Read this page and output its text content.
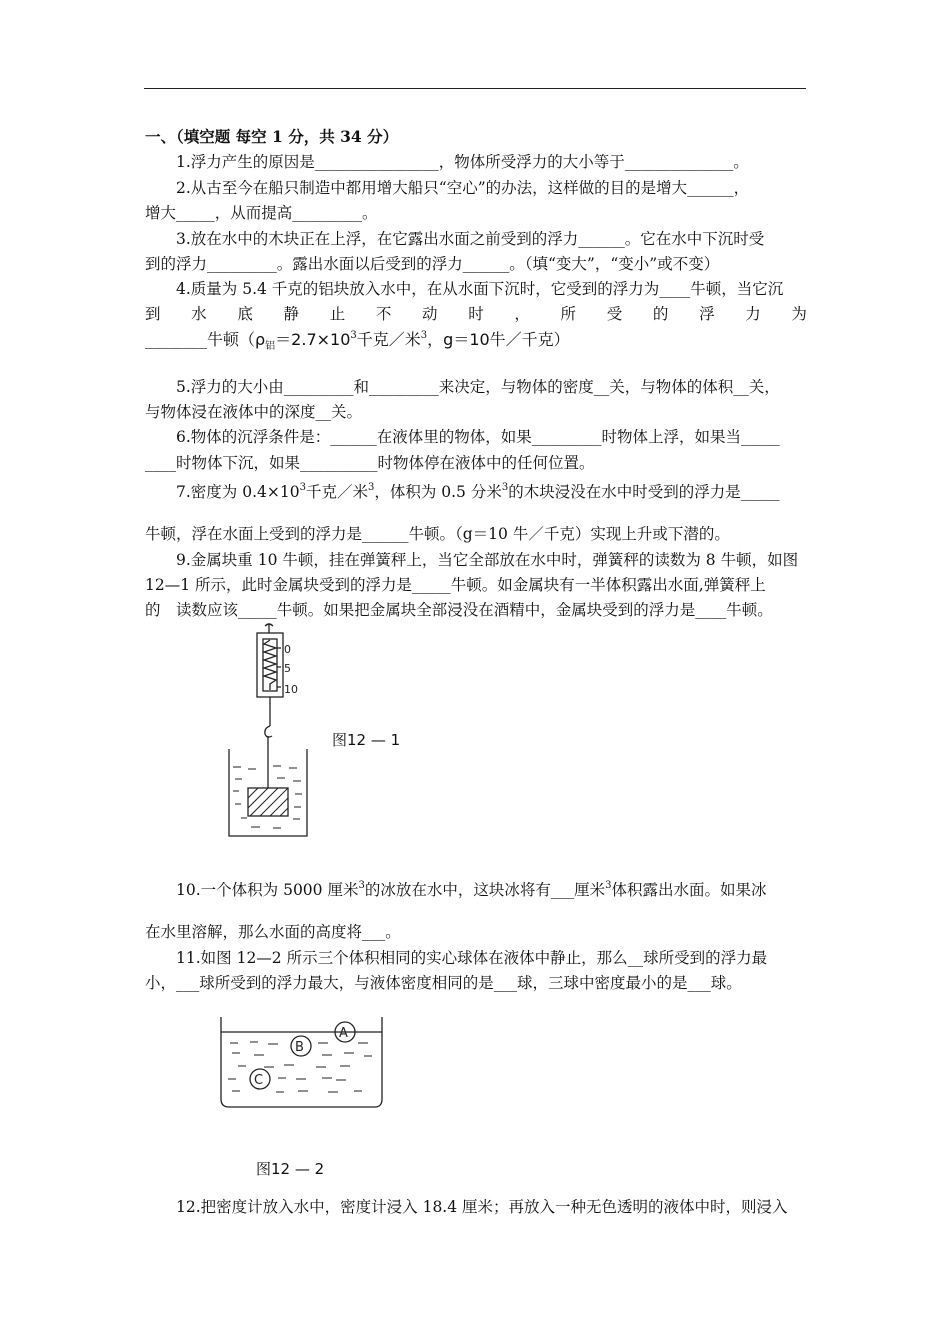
一、（填空题 每空 1 分，共 34 分）
1.浮力产生的原因是________________，物体所受浮力的大小等于______________。
2.从古至今在船只制造中都用增大船只“空心”的办法，这样做的目的是增大______，
增大_____，从而提高_________。
3.放在水中的木块正在上浮，在它露出水面之前受到的浮力______。它在水中下沉时受
到的浮力_________。露出水面以后受到的浮力______。（填“变大”，“变小”或不变）
4.质量为 5.4 千克的铝块放入水中，在从水面下沉时，它受到的浮力为____牛顿，当它沉
到 水 底 静 止 不 动 时 ， 所 受 的 浮 力 为
________牛顿（$\rho_铝=2.7\times 10^3$千克／米$^3$，g＝10牛／千克）
5.浮力的大小由_________和_________来决定，与物体的密度__关，与物体的体积__关，
与物体浸在液体中的深度__关。
6.物体的沉浮条件是：______在液体里的物体，如果_________时物体上浮，如果当_____
____时物体下沉，如果__________时物体停在液体中的任何位置。
7.密度为 $0.4\times 10^3$千克／米$^3$，体积为 0.5 分米$^3$的木块浸没在水中时受到的浮力是_____
牛顿，浮在水面上受到的浮力是______牛顿。（g＝10 牛／千克）实现上升或下潜的。
9.金属块重 10 牛顿，挂在弹簧秤上，当它全部放在水中时，弹簧秤的读数为 8 牛顿，如图
12—1 所示，此时金属块受到的浮力是_____牛顿。如金属块有一半体积露出水面,弹簧秤上
的　读数应该_____牛顿。如果把金属块全部浸没在酒精中，金属块受到的浮力是____牛顿。
0
5
10
图12 — 1
10.一个体积为 5000 厘米$^3$的冰放在水中，这块冰将有___厘米$^3$体积露出水面。如果冰
在水里溶解，那么水面的高度将___。
11.如图 12—2 所示三个体积相同的实心球体在液体中静止，那么__球所受到的浮力最
小，___球所受到的浮力最大，与液体密度相同的是___球，三球中密度最小的是___球。
A
B
C
图12 — 2
12.把密度计放入水中，密度计浸入 18.4 厘米；再放入一种无色透明的液体中时，则浸入
